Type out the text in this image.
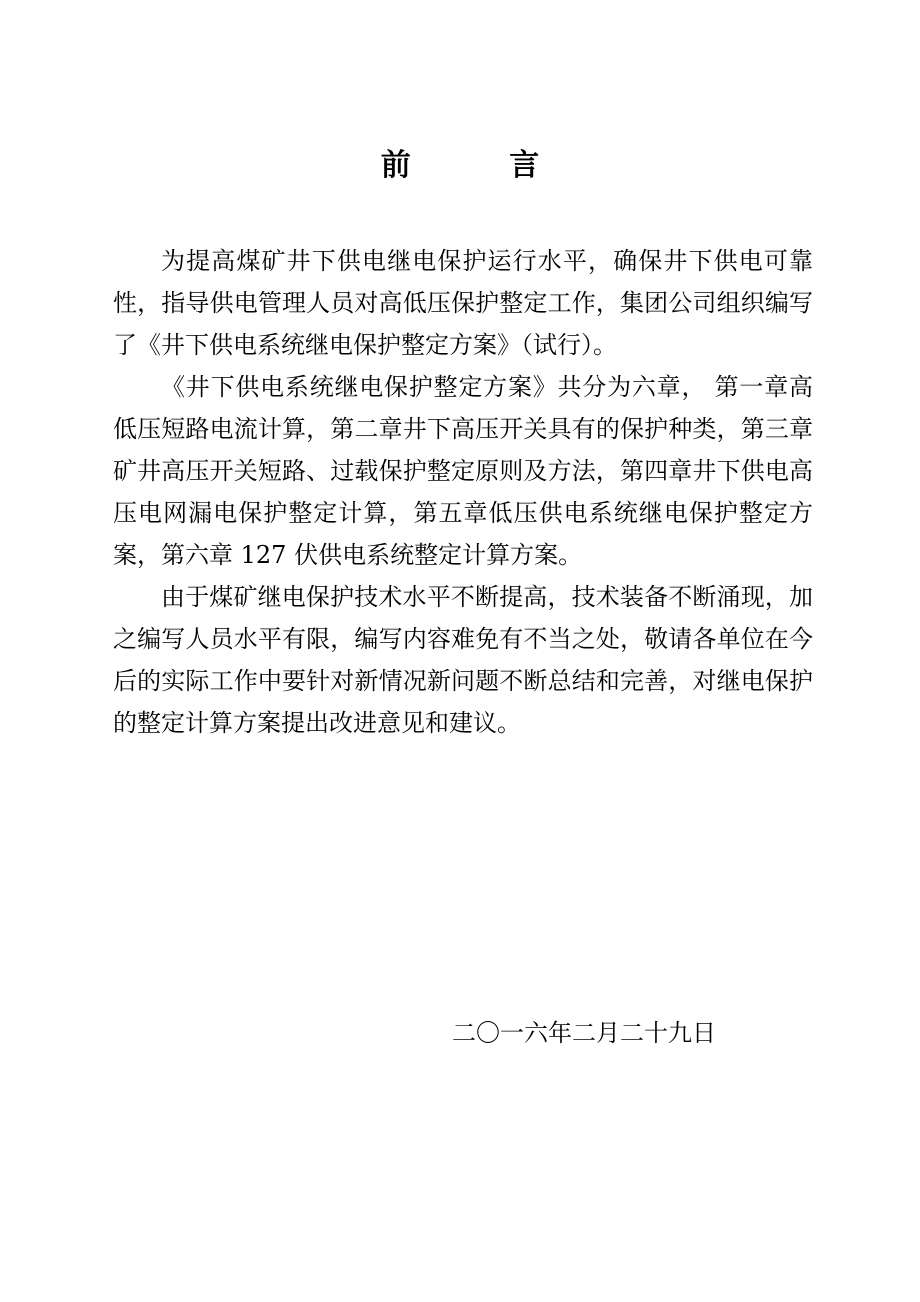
前 言

为提高煤矿井下供电继电保护运行水平，确保井下供电可靠性，指导供电管理人员对高低压保护整定工作，集团公司组织编写了《井下供电系统继电保护整定方案》（试行）。

《井下供电系统继电保护整定方案》共分为六章， 第一章高低压短路电流计算，第二章井下高压开关具有的保护种类，第三章矿井高压开关短路、过载保护整定原则及方法，第四章井下供电高压电网漏电保护整定计算，第五章低压供电系统继电保护整定方案，第六章 127 伏供电系统整定计算方案。

由于煤矿继电保护技术水平不断提高，技术装备不断涌现，加之编写人员水平有限，编写内容难免有不当之处，敬请各单位在今后的实际工作中要针对新情况新问题不断总结和完善，对继电保护的整定计算方案提出改进意见和建议。

二〇一六年二月二十九日
